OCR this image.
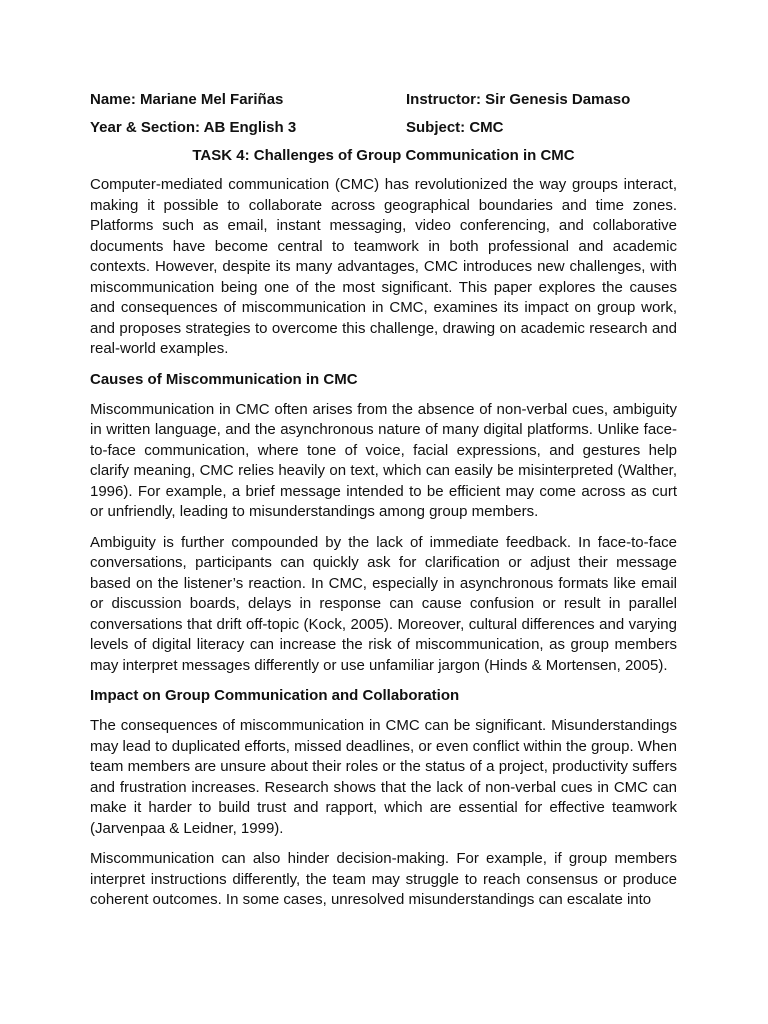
Name: Mariane Mel Fariñas	Instructor: Sir Genesis Damaso
Year & Section: AB English 3	Subject: CMC
TASK 4: Challenges of Group Communication in CMC

Computer-mediated communication (CMC) has revolutionized the way groups interact, making it possible to collaborate across geographical boundaries and time zones. Platforms such as email, instant messaging, video conferencing, and collaborative documents have become central to teamwork in both professional and academic contexts. However, despite its many advantages, CMC introduces new challenges, with miscommunication being one of the most significant. This paper explores the causes and consequences of miscommunication in CMC, examines its impact on group work, and proposes strategies to overcome this challenge, drawing on academic research and real-world examples.

Causes of Miscommunication in CMC

Miscommunication in CMC often arises from the absence of non-verbal cues, ambiguity in written language, and the asynchronous nature of many digital platforms. Unlike face-to-face communication, where tone of voice, facial expressions, and gestures help clarify meaning, CMC relies heavily on text, which can easily be misinterpreted (Walther, 1996). For example, a brief message intended to be efficient may come across as curt or unfriendly, leading to misunderstandings among group members.

Ambiguity is further compounded by the lack of immediate feedback. In face-to-face conversations, participants can quickly ask for clarification or adjust their message based on the listener’s reaction. In CMC, especially in asynchronous formats like email or discussion boards, delays in response can cause confusion or result in parallel conversations that drift off-topic (Kock, 2005). Moreover, cultural differences and varying levels of digital literacy can increase the risk of miscommunication, as group members may interpret messages differently or use unfamiliar jargon (Hinds & Mortensen, 2005).

Impact on Group Communication and Collaboration

The consequences of miscommunication in CMC can be significant. Misunderstandings may lead to duplicated efforts, missed deadlines, or even conflict within the group. When team members are unsure about their roles or the status of a project, productivity suffers and frustration increases. Research shows that the lack of non-verbal cues in CMC can make it harder to build trust and rapport, which are essential for effective teamwork (Jarvenpaa & Leidner, 1999).

Miscommunication can also hinder decision-making. For example, if group members interpret instructions differently, the team may struggle to reach consensus or produce coherent outcomes. In some cases, unresolved misunderstandings can escalate into
